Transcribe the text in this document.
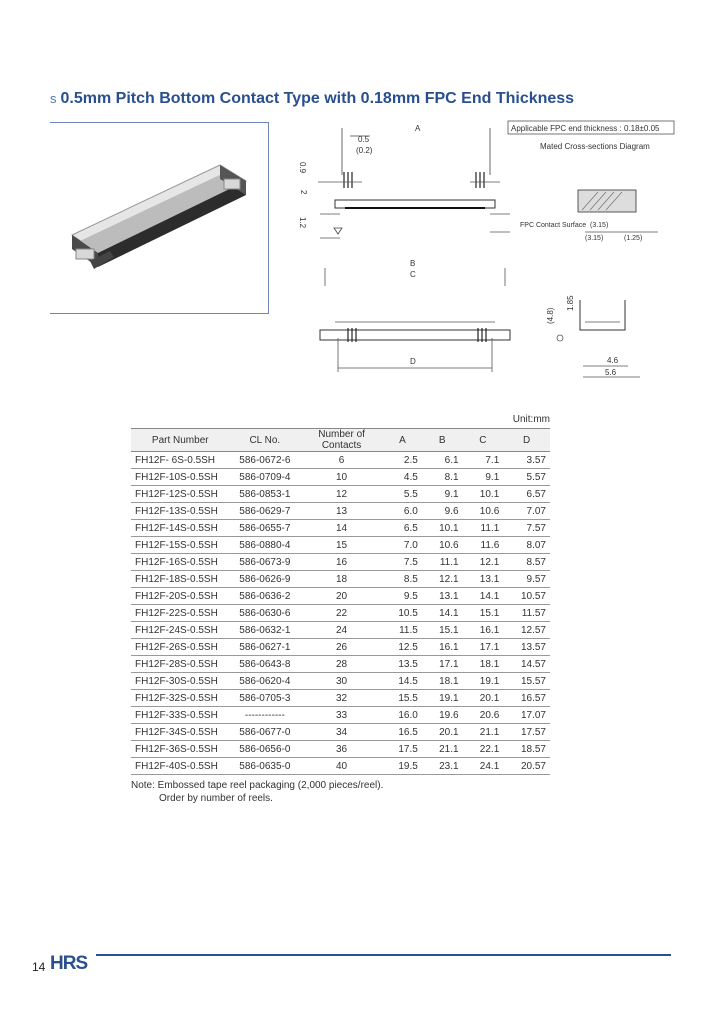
s 0.5mm Pitch Bottom Contact Type with 0.18mm FPC End Thickness
A
0.5
(0.2)
0.9
2
1.2
B
C
D
Applicable FPC end thickness : 0.18±0.05
Mated Cross-sections Diagram
FPC Contact Surface (3.15)
(3.15)	(1.25)
(4.8)
1.85
4.6
5.6
Unit:mm
Part Number	CL No.	Number of Contacts	A	B	C	D
FH12F- 6S-0.5SH	586-0672-6	6	2.5	6.1	7.1	3.57
FH12F-10S-0.5SH	586-0709-4	10	4.5	8.1	9.1	5.57
FH12F-12S-0.5SH	586-0853-1	12	5.5	9.1	10.1	6.57
FH12F-13S-0.5SH	586-0629-7	13	6.0	9.6	10.6	7.07
FH12F-14S-0.5SH	586-0655-7	14	6.5	10.1	11.1	7.57
FH12F-15S-0.5SH	586-0880-4	15	7.0	10.6	11.6	8.07
FH12F-16S-0.5SH	586-0673-9	16	7.5	11.1	12.1	8.57
FH12F-18S-0.5SH	586-0626-9	18	8.5	12.1	13.1	9.57
FH12F-20S-0.5SH	586-0636-2	20	9.5	13.1	14.1	10.57
FH12F-22S-0.5SH	586-0630-6	22	10.5	14.1	15.1	11.57
FH12F-24S-0.5SH	586-0632-1	24	11.5	15.1	16.1	12.57
FH12F-26S-0.5SH	586-0627-1	26	12.5	16.1	17.1	13.57
FH12F-28S-0.5SH	586-0643-8	28	13.5	17.1	18.1	14.57
FH12F-30S-0.5SH	586-0620-4	30	14.5	18.1	19.1	15.57
FH12F-32S-0.5SH	586-0705-3	32	15.5	19.1	20.1	16.57
FH12F-33S-0.5SH	------------	33	16.0	19.6	20.6	17.07
FH12F-34S-0.5SH	586-0677-0	34	16.5	20.1	21.1	17.57
FH12F-36S-0.5SH	586-0656-0	36	17.5	21.1	22.1	18.57
FH12F-40S-0.5SH	586-0635-0	40	19.5	23.1	24.1	20.57
Note: Embossed tape reel packaging (2,000 pieces/reel).
Order by number of reels.
14 HRS
